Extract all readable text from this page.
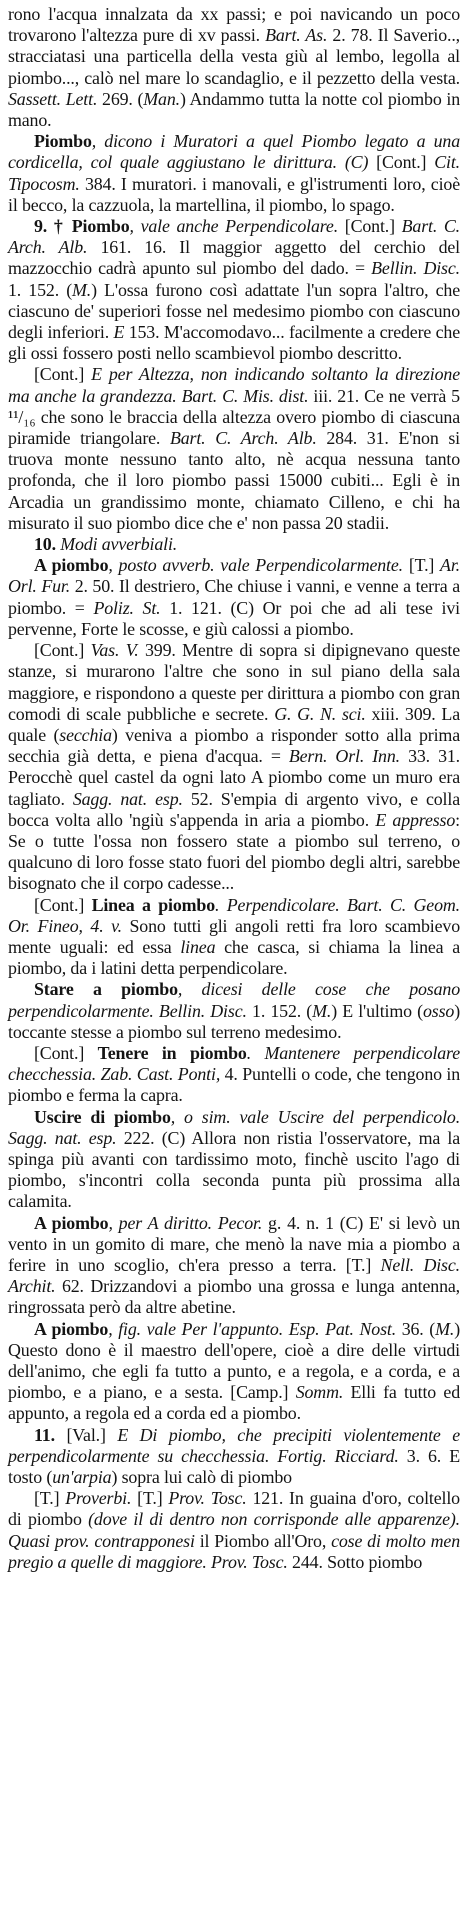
rono l'acqua innalzata da xx passi; e poi navicando un poco trovarono l'altezza pure di xv passi. Bart. As. 2. 78. Il Saverio.., stracciatasi una particella della vesta giù al lembo, legolla al piombo..., calò nel mare lo scandaglio, e il pezzetto della vesta. Sassett. Lett. 269. (Man.) Andammo tutta la notte col piombo in mano.

Piombo, dicono i Muratori a quel Piombo legato a una cordicella, col quale aggiustano le dirittura. (C) [Cont.] Cit. Tipocosm. 384. I muratori. i manovali, e gl'istrumenti loro, cioè il becco, la cazzuola, la martellina, il piombo, lo spago.

9. † Piombo, vale anche Perpendicolare. [Cont.] Bart. C. Arch. Alb. 161. 16. Il maggior aggetto del cerchio del mazzocchio cadrà apunto sul piombo del dado. = Bellin. Disc. 1. 152. (M.) L'ossa furono così adattate l'un sopra l'altro, che ciascuno de' superiori fosse nel medesimo piombo con ciascuno degli inferiori. E 153. M'accomodavo... facilmente a credere che gli ossi fossero posti nello scambievol piombo descritto.

[Cont.] E per Altezza, non indicando soltanto la direzione ma anche la grandezza. Bart. C. Mis. dist. iii. 21. Ce ne verrà 5 ¹¹/₁₆ che sono le braccia della altezza overo piombo di ciascuna piramide triangolare. Bart. C. Arch. Alb. 284. 31. E'non si truova monte nessuno tanto alto, nè acqua nessuna tanto profonda, che il loro piombo passi 15000 cubiti... Egli è in Arcadia un grandissimo monte, chiamato Cilleno, e chi ha misurato il suo piombo dice che e' non passa 20 stadii.

10. Modi avverbiali.

A piombo, posto avverb. vale Perpendicolarmente. [T.] Ar. Orl. Fur. 2. 50. Il destriero, Che chiuse i vanni, e venne a terra a piombo. = Poliz. St. 1. 121. (C) Or poi che ad ali tese ivi pervenne, Forte le scosse, e giù calossi a piombo.

[Cont.] Vas. V. 399. Mentre di sopra si dipignevano queste stanze, si murarono l'altre che sono in sul piano della sala maggiore, e rispondono a queste per dirittura a piombo con gran comodi di scale pubbliche e secrete. G. G. N. sci. xiii. 309. La quale (secchia) veniva a piombo a risponder sotto alla prima secchia già detta, e piena d'acqua. = Bern. Orl. Inn. 33. 31. Perocchè quel castel da ogni lato A piombo come un muro era tagliato. Sagg. nat. esp. 52. S'empia di argento vivo, e colla bocca volta allo 'ngiù s'appenda in aria a piombo. E appresso: Se o tutte l'ossa non fossero state a piombo sul terreno, o qualcuno di loro fosse stato fuori del piombo degli altri, sarebbe bisognato che il corpo cadesse...

[Cont.] Linea a piombo. Perpendicolare. Bart. C. Geom. Or. Fineo, 4. v. Sono tutti gli angoli retti fra loro scambievo mente uguali: ed essa linea che casca, si chiama la linea a piombo, da i latini detta perpendicolare.

Stare a piombo, dicesi delle cose che posano perpendicolarmente. Bellin. Disc. 1. 152. (M.) E l'ultimo (osso) toccante stesse a piombo sul terreno medesimo.

[Cont.] Tenere in piombo. Mantenere perpendicolare checchessia. Zab. Cast. Ponti, 4. Puntelli o code, che tengono in piombo e ferma la capra.

Uscire di piombo, o sim. vale Uscire del perpendicolo. Sagg. nat. esp. 222. (C) Allora non ristia l'osservatore, ma la spinga più avanti con tardissimo moto, finchè uscito l'ago di piombo, s'incontri colla seconda punta più prossima alla calamita.

A piombo, per A diritto. Pecor. g. 4. n. 1 (C) E' si levò un vento in un gomito di mare, che menò la nave mia a piombo a ferire in uno scoglio, ch'era presso a terra. [T.] Nell. Disc. Archit. 62. Drizzandovi a piombo una grossa e lunga antenna, ringrossata però da altre abetine.

A piombo, fig. vale Per l'appunto. Esp. Pat. Nost. 36. (M.) Questo dono è il maestro dell'opere, cioè a dire delle virtudi dell'animo, che egli fa tutto a punto, e a regola, e a corda, e a piombo, e a piano, e a sesta. [Camp.] Somm. Elli fa tutto ed appunto, a regola ed a corda ed a piombo.

11. [Val.] E Di piombo, che precipiti violentemente e perpendicolarmente su checchessia. Fortig. Ricciard. 3. 6. E tosto (un'arpia) sopra lui calò di piombo

[T.] Proverbi. [T.] Prov. Tosc. 121. In guaina d'oro, coltello di piombo (dove il di dentro non corrisponde alle apparenze). Quasi prov. contrapponesi il Piombo all'Oro, cose di molto men pregio a quelle di maggiore. Prov. Tosc. 244. Sotto piombo
